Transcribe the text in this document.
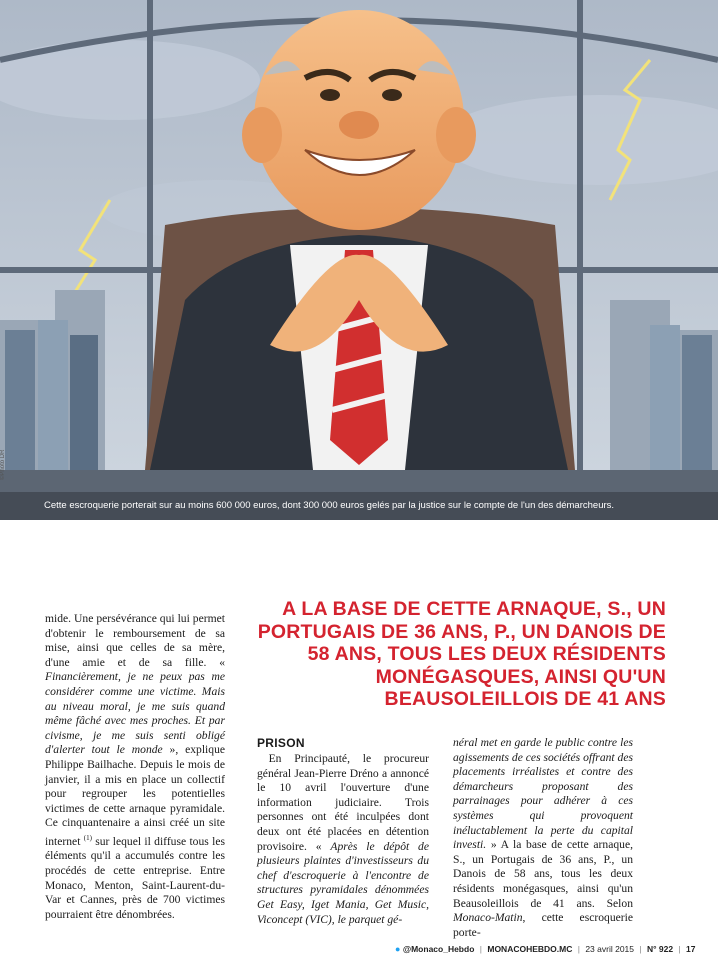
Cette escroquerie porterait sur au moins 600 000 euros, dont 300 000 euros gelés par la justice sur le compte de l'un des démarcheurs.
©Photo DR

mide. Une persévérance qui lui permet d'obtenir le remboursement de sa mise, ainsi que celles de sa mère, d'une amie et de sa fille. « Financièrement, je ne peux pas me considérer comme une victime. Mais au niveau moral, je me suis quand même fâché avec mes proches. Et par civisme, je me suis senti obligé d'alerter tout le monde », explique Philippe Bailhache. Depuis le mois de janvier, il a mis en place un collectif pour regrouper les potentielles victimes de cette arnaque pyramidale. Ce cinquantenaire a ainsi créé un site internet $^{(1)}$ sur lequel il diffuse tous les éléments qu'il a accumulés contre les procédés de cette entreprise. Entre Monaco, Menton, Saint-Laurent-du-Var et Cannes, près de 700 victimes pourraient être dénombrées.

A LA BASE DE CETTE ARNAQUE, S., UN PORTUGAIS DE 36 ANS, P., UN DANOIS DE 58 ANS, TOUS LES DEUX RÉSIDENTS MONÉGASQUES, AINSI QU'UN BEAUSOLEILLOIS DE 41 ANS
PRISON

 En Principauté, le procureur général Jean-Pierre Dréno a annoncé le 10 avril l'ouverture d'une information judiciaire. Trois personnes ont été inculpées dont deux ont été placées en détention provisoire. « Après le dépôt de plusieurs plaintes d'investisseurs du chef d'escroquerie à l'encontre de structures pyramidales dénommées Get Easy, Iget Mania, Get Music, Viconcept (VIC), le parquet gé-

néral met en garde le public contre les agissements de ces sociétés offrant des placements irréalistes et contre des démarcheurs proposant des parrainages pour adhérer à ces systèmes qui provoquent inéluctablement la perte du capital investi. » A la base de cette arnaque, S., un Portugais de 36 ans, P., un Danois de 58 ans, tous les deux résidents monégasques, ainsi qu'un Beausoleillois de 41 ans. Selon Monaco-Matin, cette escroquerie porte-

● @Monaco_Hebdo | MONACOHEBDO.MC | 23 avril 2015 | N° 922 | 17
